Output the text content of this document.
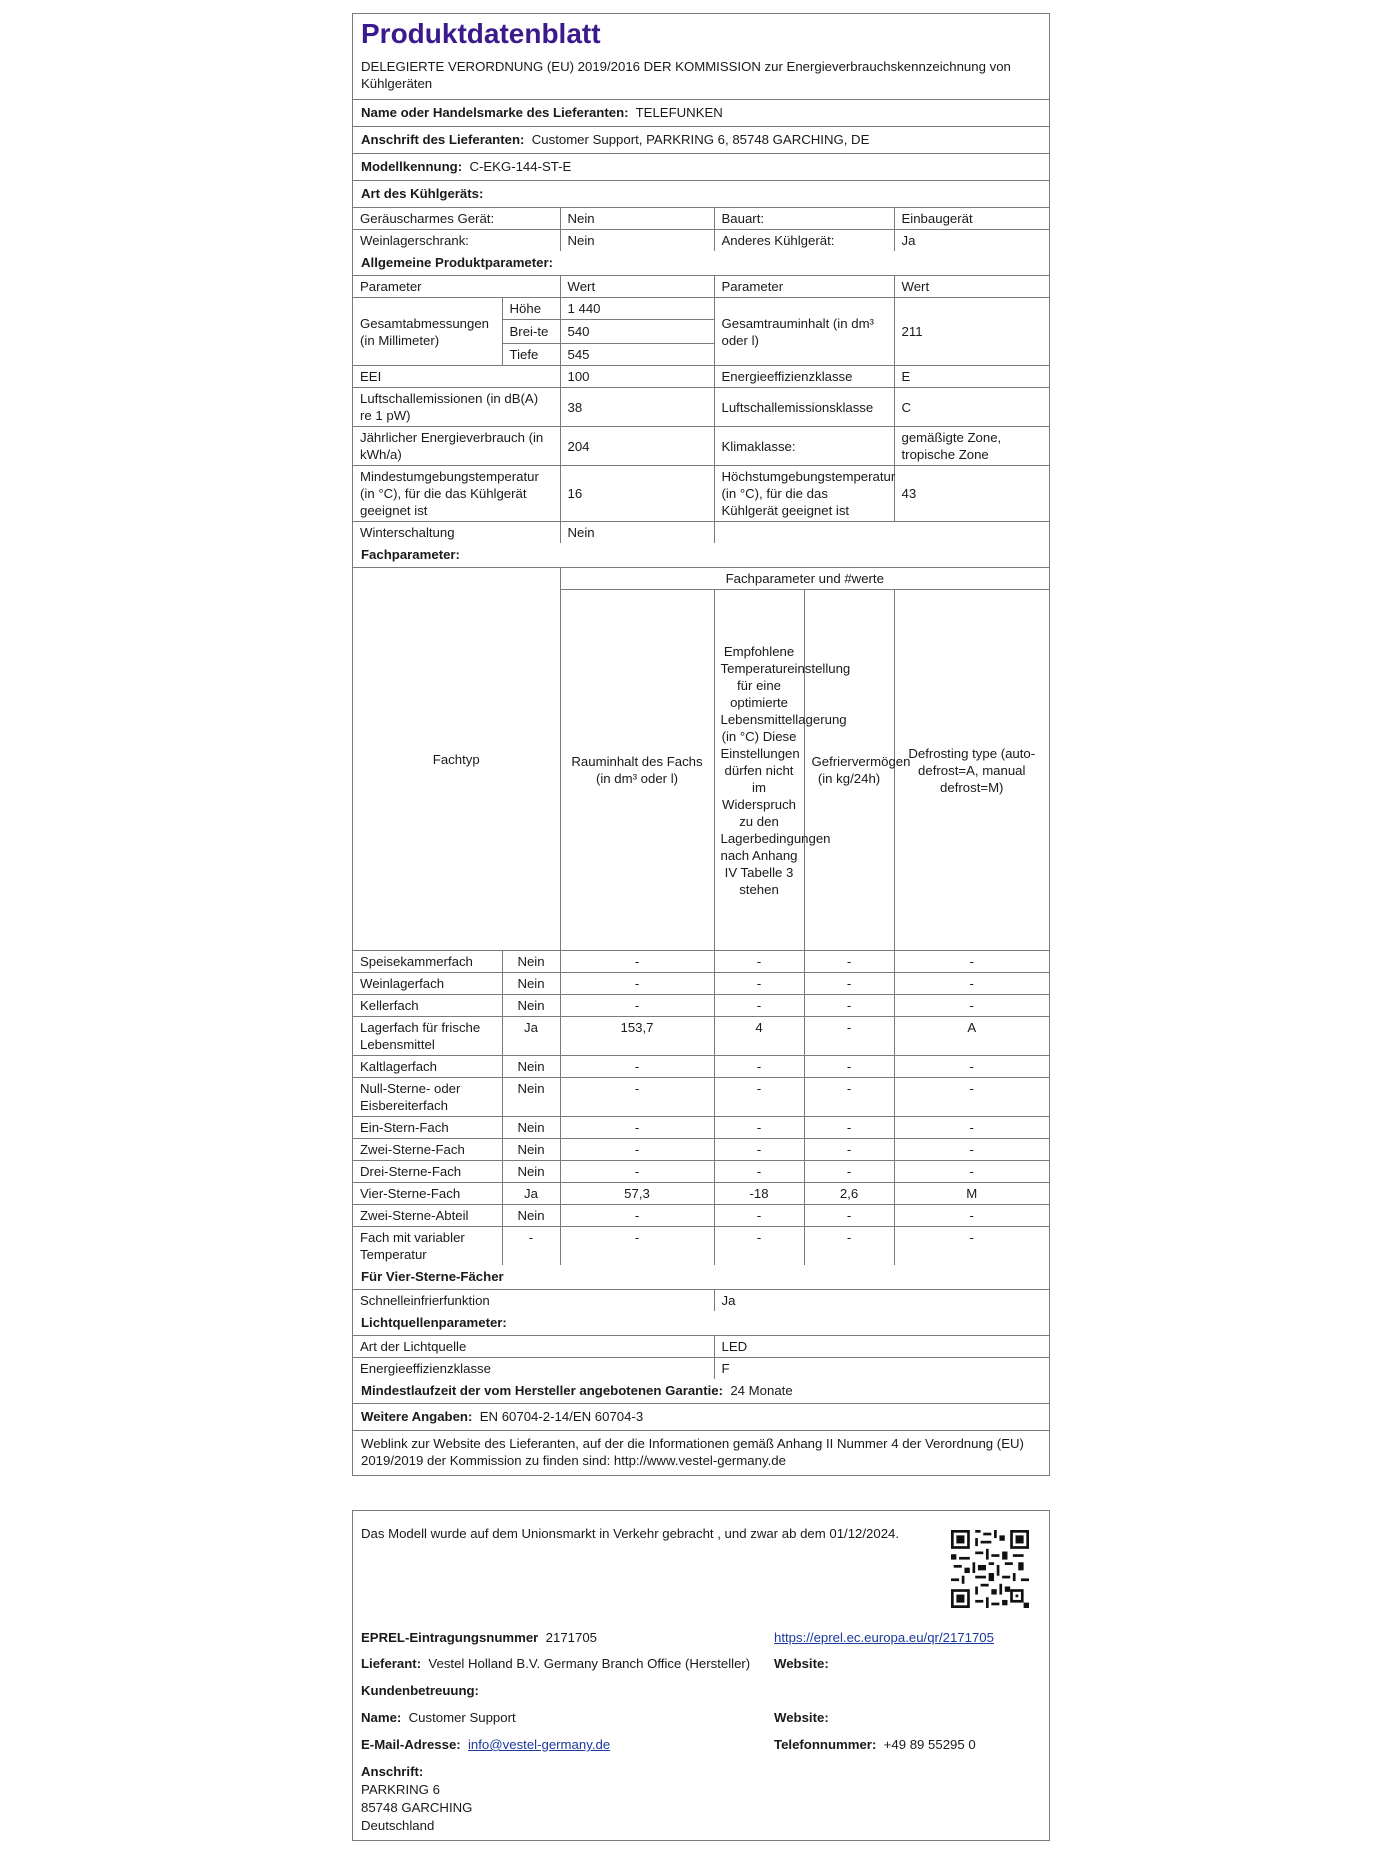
Produktdatenblatt
DELEGIERTE VERORDNUNG (EU) 2019/2016 DER KOMMISSION zur Energieverbrauchskennzeichnung von Kühlgeräten
Name oder Handelsmarke des Lieferanten: TELEFUNKEN
Anschrift des Lieferanten: Customer Support, PARKRING 6, 85748 GARCHING, DE
Modellkennung: C-EKG-144-ST-E
Art des Kühlgeräts:
Geräuscharmes Gerät:	Nein	Bauart:	Einbaugerät
Weinlagerschrank:	Nein	Anderes Kühlgerät:	Ja
Allgemeine Produktparameter:
Parameter		Wert	Parameter	Wert
Gesamtabmessungen (in Millimeter)	Höhe	1 440	Gesamtrauminhalt (in dm³ oder l)	211
	Brei-te	540		
	Tiefe	545		
EEI		100	Energieeffizienzklasse	E
Luftschallemissionen (in dB(A) re 1 pW)		38	Luftschallemissionsklasse	C
Jährlicher Energieverbrauch (in kWh/a)		204	Klimaklasse:	gemäßigte Zone, tropische Zone
Mindestumgebungstemperatur (in °C), für die das Kühlgerät geeignet ist		16	Höchstumgebungstemperatur (in °C), für die das Kühlgerät geeignet ist	43
Winterschaltung		Nein		
Fachparameter:
Fachtyp		Fachparameter und #werte			
		Rauminhalt des Fachs (in dm³ oder l)	Empfohlene Temperatureinstellung für eine optimierte Lebensmittellagerung (in °C) Diese Einstellungen dürfen nicht im Widerspruch zu den Lagerbedingungen nach Anhang IV Tabelle 3 stehen	Gefriervermögen (in kg/24h)	Defrosting type (auto-defrost=A, manual defrost=M)
Speisekammerfach	Nein	-	-	-	-
Weinlagerfach	Nein	-	-	-	-
Kellerfach	Nein	-	-	-	-
Lagerfach für frische Lebensmittel	Ja	153,7	4	-	A
Kaltlagerfach	Nein	-	-	-	-
Null-Sterne- oder Eisbereiterfach	Nein	-	-	-	-
Ein-Stern-Fach	Nein	-	-	-	-
Zwei-Sterne-Fach	Nein	-	-	-	-
Drei-Sterne-Fach	Nein	-	-	-	-
Vier-Sterne-Fach	Ja	57,3	-18	2,6	M
Zwei-Sterne-Abteil	Nein	-	-	-	-
Fach mit variabler Temperatur	-	-	-	-	-
Für Vier-Sterne-Fächer
Schnelleinfrierfunktion	Ja
Lichtquellenparameter:
Art der Lichtquelle	LED
Energieeffizienzklasse	F
Mindestlaufzeit der vom Hersteller angebotenen Garantie: 24 Monate
Weitere Angaben: EN 60704-2-14/EN 60704-3
Weblink zur Website des Lieferanten, auf der die Informationen gemäß Anhang II Nummer 4 der Verordnung (EU) 2019/2019 der Kommission zu finden sind: http://www.vestel-germany.de
Das Modell wurde auf dem Unionsmarkt in Verkehr gebracht , und zwar ab dem 01/12/2024.
EPREL-Eintragungsnummer 2171705	https://eprel.ec.europa.eu/qr/2171705
Lieferant: Vestel Holland B.V. Germany Branch Office (Hersteller) Website:
Kundenbetreuung:
Name: Customer Support	Website:
E-Mail-Adresse: info@vestel-germany.de	Telefonnummer: +49 89 55295 0
Anschrift:
PARKRING 6
85748 GARCHING
Deutschland
